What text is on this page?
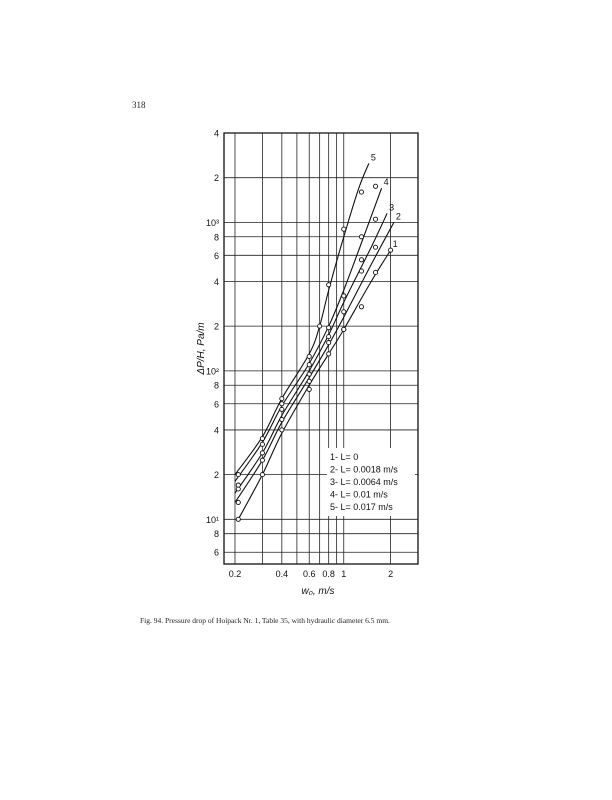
318
1
2
3
4
5
0.2	0.4 0.6 0.8 1	2
4
2
10³
8
6
4
2
10²
8
6
4
2
10¹
8
6
1- L= 0
2- L= 0.0018 m/s
3- L= 0.0064 m/s
4- L= 0.01 m/s
5- L= 0.017 m/s
w₀, m/s
ΔP/H, Pa/m
Fig. 94. Pressure drop of Hoipack Nr. 1, Table 35, with hydraulic diameter 6.5 mm.
